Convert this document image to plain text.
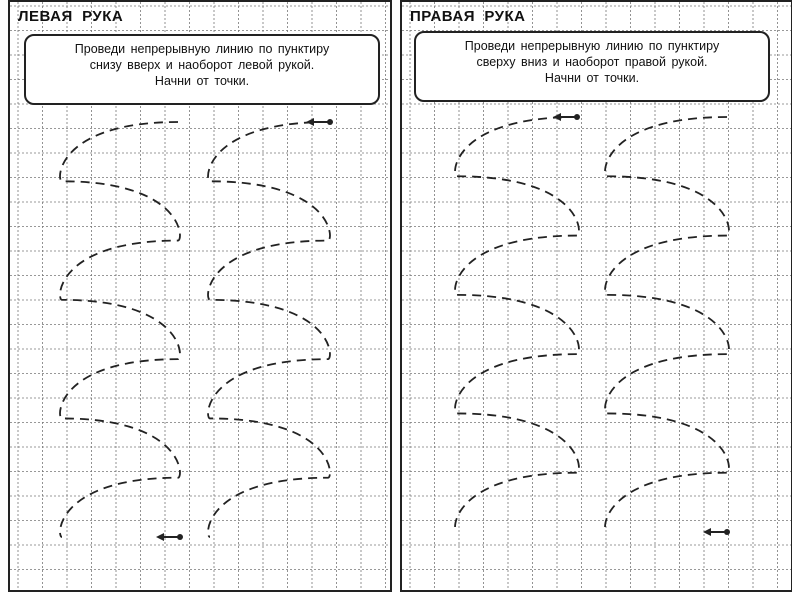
ЛЕВАЯ  РУКА
Проведи непрерывную линию по пунктиру
снизу вверх и наоборот левой рукой.
Начни от точки.
ПРАВАЯ  РУКА
Проведи непрерывную линию по пунктиру
сверху вниз и наоборот правой рукой.
Начни от точки.
